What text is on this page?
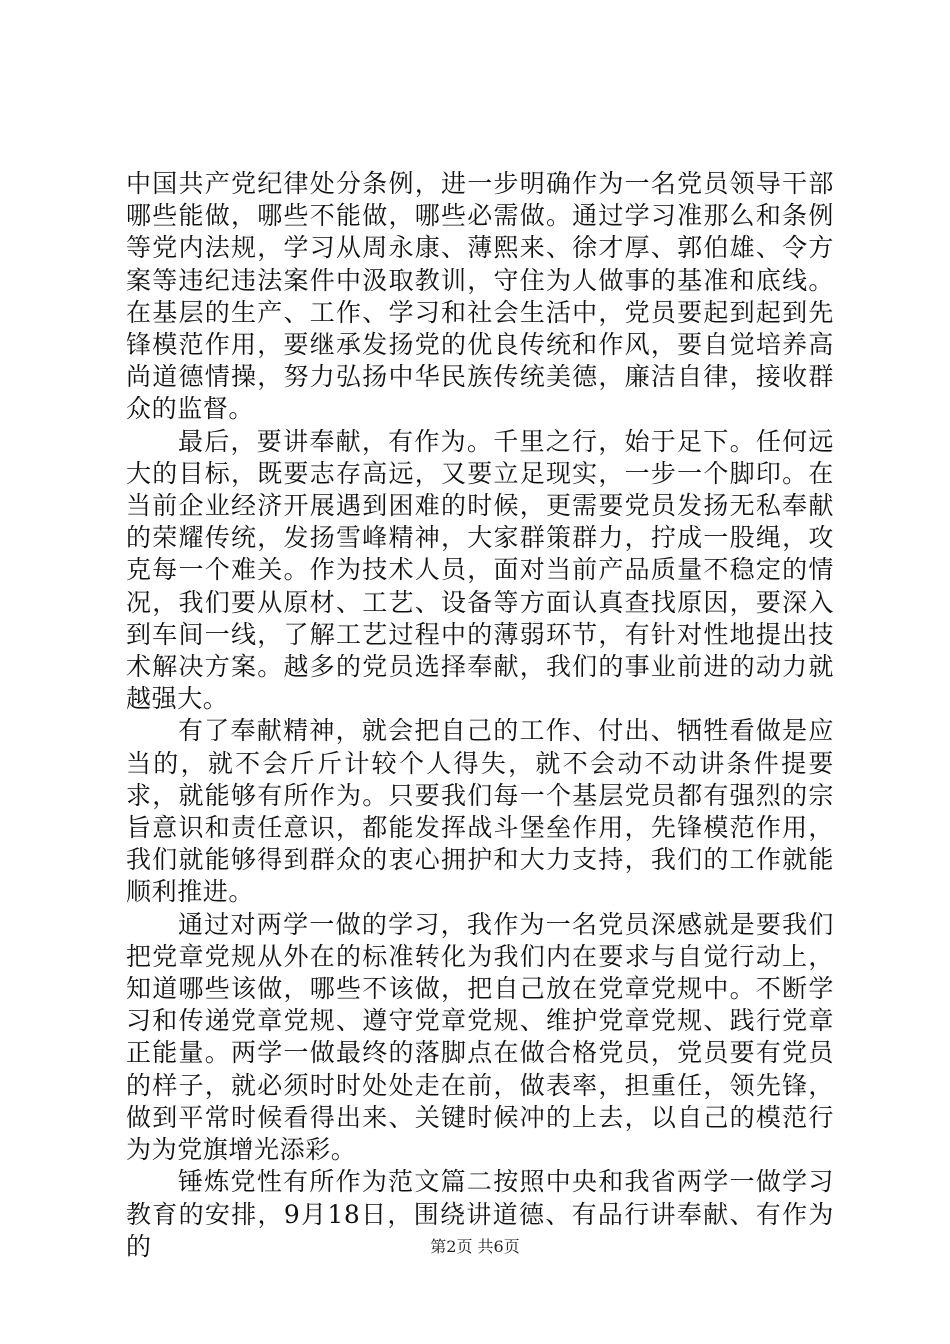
中国共产党纪律处分条例，进一步明确作为一名党员领导干部哪些能做，哪些不能做，哪些必需做。通过学习准那么和条例等党内法规，学习从周永康、薄熙来、徐才厚、郭伯雄、令方案等违纪违法案件中汲取教训，守住为人做事的基准和底线。在基层的生产、工作、学习和社会生活中，党员要起到起到先锋模范作用，要继承发扬党的优良传统和作风，要自觉培养高尚道德情操，努力弘扬中华民族传统美德，廉洁自律，接收群众的监督。

最后，要讲奉献，有作为。千里之行，始于足下。任何远大的目标，既要志存高远，又要立足现实，一步一个脚印。在当前企业经济开展遇到困难的时候，更需要党员发扬无私奉献的荣耀传统，发扬雪峰精神，大家群策群力，拧成一股绳，攻克每一个难关。作为技术人员，面对当前产品质量不稳定的情况，我们要从原材、工艺、设备等方面认真查找原因，要深入到车间一线，了解工艺过程中的薄弱环节，有针对性地提出技术解决方案。越多的党员选择奉献，我们的事业前进的动力就越强大。

有了奉献精神，就会把自己的工作、付出、牺牲看做是应当的，就不会斤斤计较个人得失，就不会动不动讲条件提要求，就能够有所作为。只要我们每一个基层党员都有强烈的宗旨意识和责任意识，都能发挥战斗堡垒作用，先锋模范作用，我们就能够得到群众的衷心拥护和大力支持，我们的工作就能顺利推进。

通过对两学一做的学习，我作为一名党员深感就是要我们把党章党规从外在的标准转化为我们内在要求与自觉行动上，知道哪些该做，哪些不该做，把自己放在党章党规中。不断学习和传递党章党规、遵守党章党规、维护党章党规、践行党章正能量。两学一做最终的落脚点在做合格党员，党员要有党员的样子，就必须时时处处走在前，做表率，担重任，领先锋，做到平常时候看得出来、关键时候冲的上去，以自己的模范行为为党旗增光添彩。

锤炼党性有所作为范文篇二按照中央和我省两学一做学习教育的安排，9月18日，围绕讲道德、有品行讲奉献、有作为的	第2页 共6页
